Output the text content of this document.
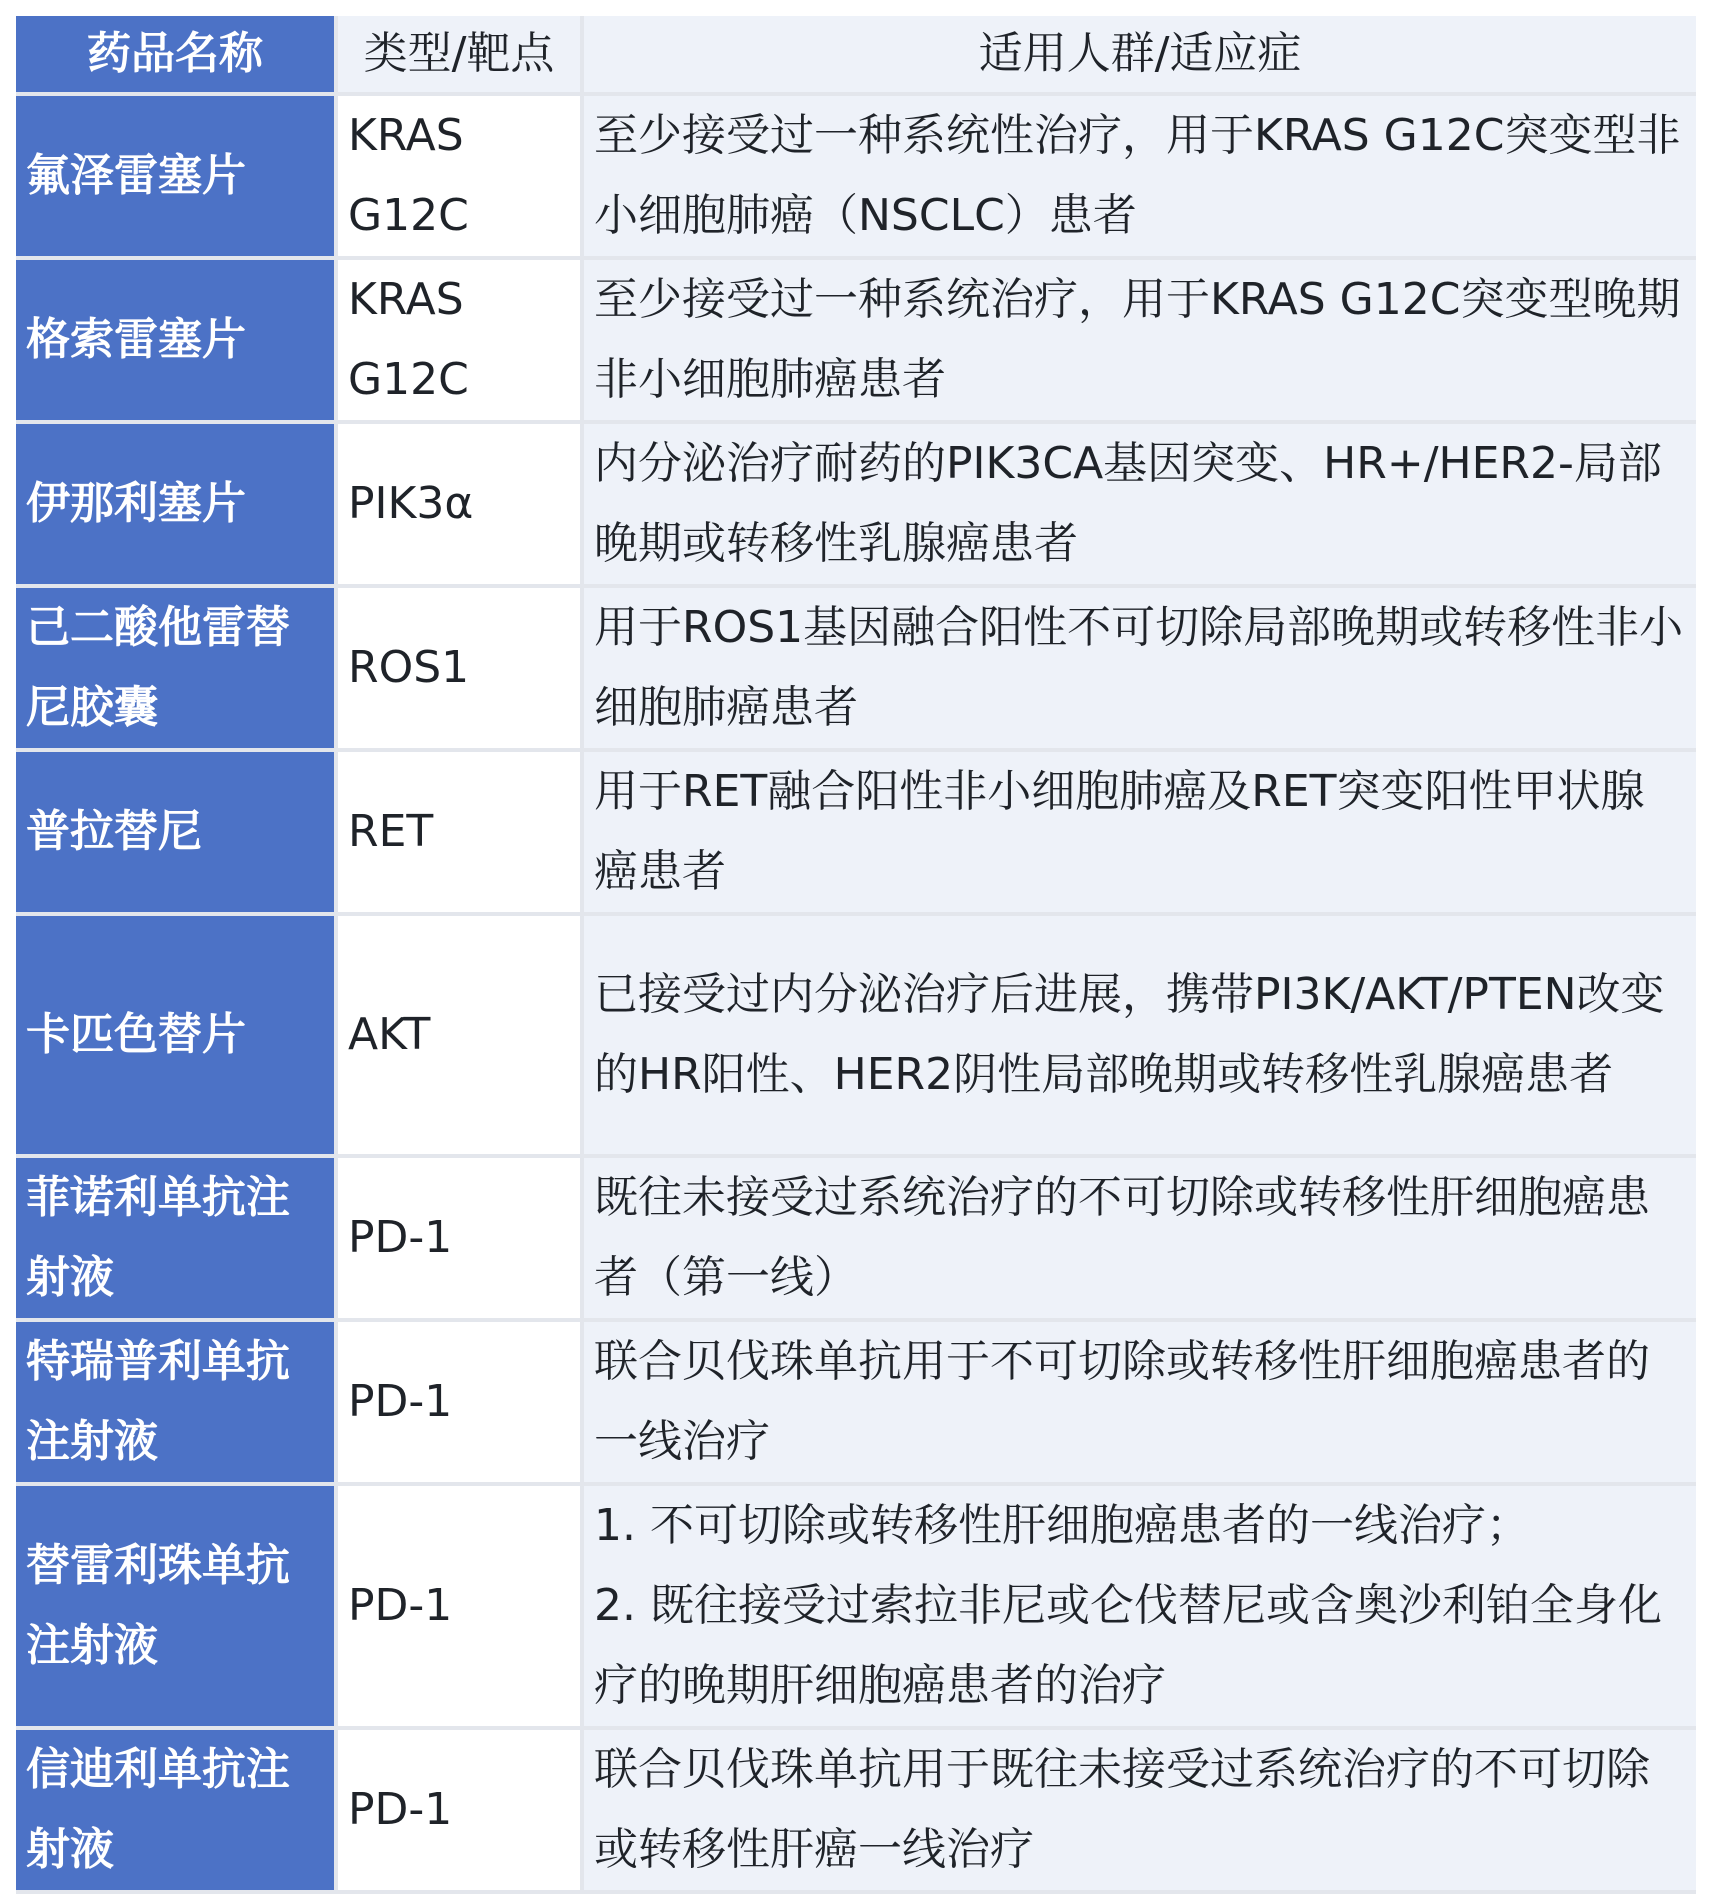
药品名称	类型/靶点	适用人群/适应症
氟泽雷塞片	KRAS G12C	至少接受过一种系统性治疗，用于KRAS G12C突变型非小细胞肺癌（NSCLC）患者

格索雷塞片	KRAS G12C	至少接受过一种系统治疗，用于KRAS G12C突变型晚期非小细胞肺癌患者

伊那利塞片	PIK3α	内分泌治疗耐药的PIK3CA基因突变、HR+/HER2-局部晚期或转移性乳腺癌患者

己二酸他雷替尼胶囊	ROS1	用于ROS1基因融合阳性不可切除局部晚期或转移性非小细胞肺癌患者

普拉替尼	RET	用于RET融合阳性非小细胞肺癌及RET突变阳性甲状腺癌患者

卡匹色替片	AKT	已接受过内分泌治疗后进展，携带PI3K/AKT/PTEN改变的HR阳性、HER2阴性局部晚期或转移性乳腺癌患者

菲诺利单抗注射液	PD-1	既往未接受过系统治疗的不可切除或转移性肝细胞癌患者（第一线）

特瑞普利单抗注射液	PD-1	联合贝伐珠单抗用于不可切除或转移性肝细胞癌患者的一线治疗

替雷利珠单抗注射液	PD-1	1. 不可切除或转移性肝细胞癌患者的一线治疗；
2. 既往接受过索拉非尼或仑伐替尼或含奥沙利铂全身化疗的晚期肝细胞癌患者的治疗

信迪利单抗注射液	PD-1	联合贝伐珠单抗用于既往未接受过系统治疗的不可切除或转移性肝癌一线治疗
